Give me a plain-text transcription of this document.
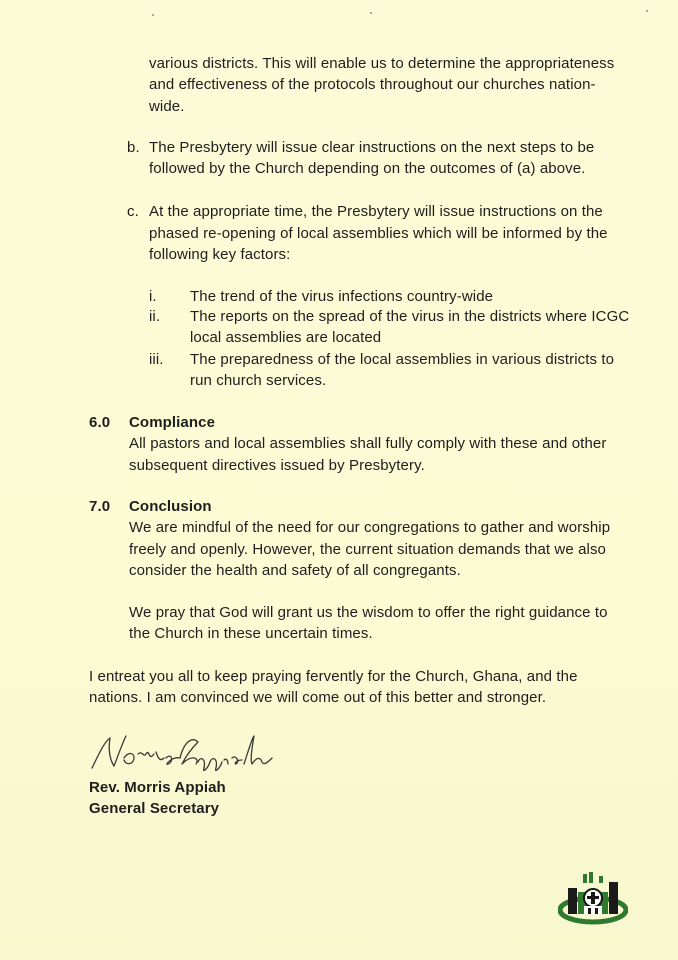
various districts. This will enable us to determine the appropriateness
and effectiveness of the protocols throughout our churches nation-
wide.
b. The Presbytery will issue clear instructions on the next steps to be
followed by the Church depending on the outcomes of (a) above.
c. At the appropriate time, the Presbytery will issue instructions on the
phased re-opening of local assemblies which will be informed by the
following key factors:
i. The trend of the virus infections country-wide
ii. The reports on the spread of the virus in the districts where ICGC
local assemblies are located
iii. The preparedness of the local assemblies in various districts to
run church services.
6.0 Compliance
All pastors and local assemblies shall fully comply with these and other
subsequent directives issued by Presbytery.
7.0 Conclusion
We are mindful of the need for our congregations to gather and worship
freely and openly. However, the current situation demands that we also
consider the health and safety of all congregants.
We pray that God will grant us the wisdom to offer the right guidance to
the Church in these uncertain times.
I entreat you all to keep praying fervently for the Church, Ghana, and the
nations. I am convinced we will come out of this better and stronger.
Rev. Morris Appiah
General Secretary
